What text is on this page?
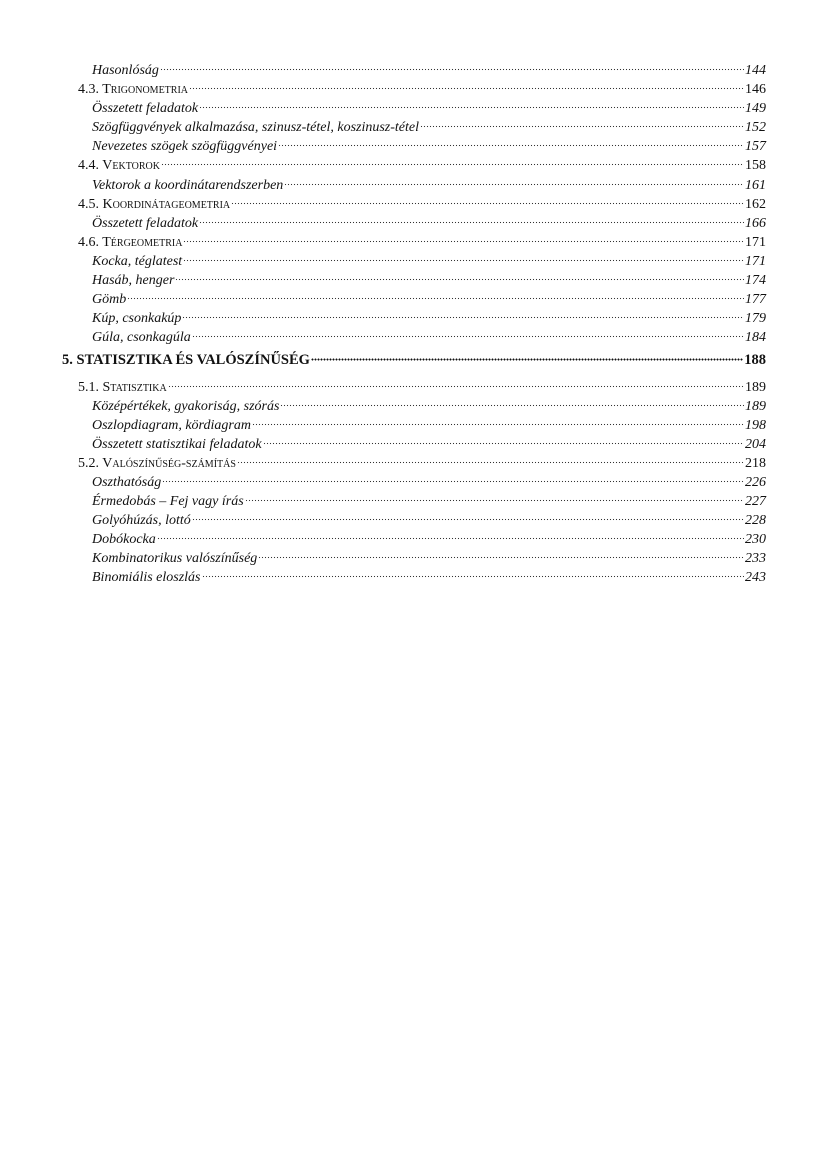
Hasonlóság	144
4.3. Trigonometria	146
Összetett feladatok	149
Szögfüggvények alkalmazása, szinusz-tétel, koszinusz-tétel	152
Nevezetes szögek szögfüggvényei	157
4.4. Vektorok	158
Vektorok a koordinátarendszerben	161
4.5. Koordinátageometria	162
Összetett feladatok	166
4.6. Térgeometria	171
Kocka, téglatest	171
Hasáb, henger	174
Gömb	177
Kúp, csonkakúp	179
Gúla, csonkagúla	184
5. STATISZTIKA ÉS VALÓSZÍNŰSÉG	188
5.1. Statisztika	189
Középértékek, gyakoriság, szórás	189
Oszlopdiagram, kördiagram	198
Összetett statisztikai feladatok	204
5.2. Valószínűség-számítás	218
Oszthatóság	226
Érmedobás – Fej vagy írás	227
Golyóhúzás, lottó	228
Dobókocka	230
Kombinatorikus valószínűség	233
Binomiális eloszlás	243
